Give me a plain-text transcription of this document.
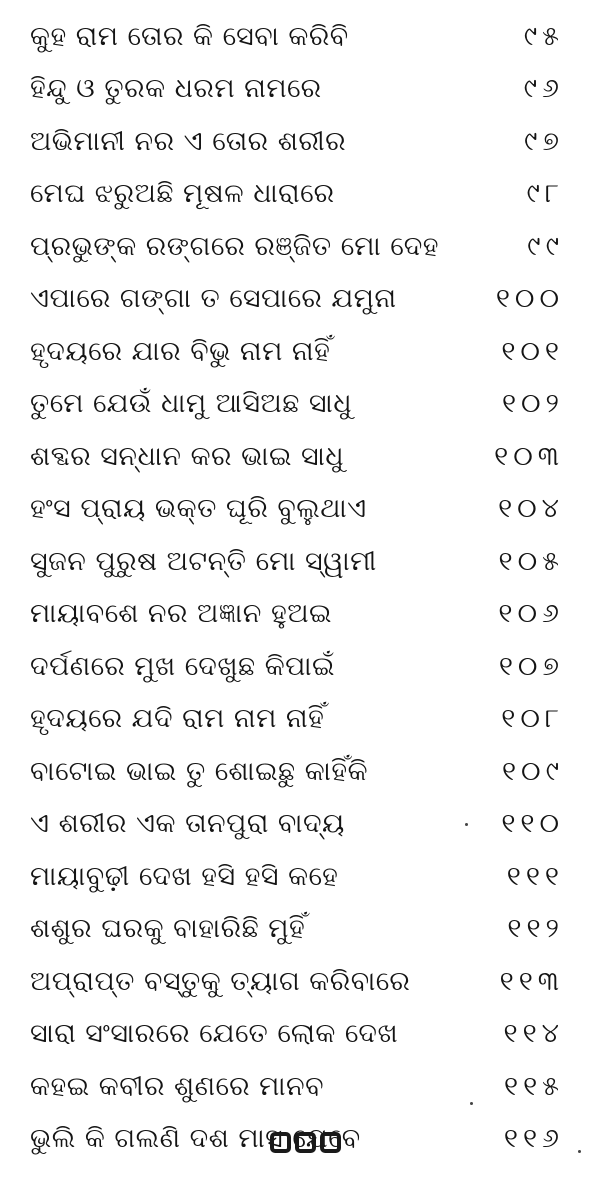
କୁହ ରାମ ତୋର କି ସେବା କରିବି	୯୫
ହିନ୍ଦୁ ଓ ତୁରକ ଧରମ ନାମରେ	୯୬
ଅଭିମାନୀ ନର ଏ ତୋର ଶରୀର	୯୭
ମେଘ ଝରୁଅଛି ମୂଷଳ ଧାରାରେ	୯୮
ପ୍ରଭୁଙ୍କ ରଙ୍ଗରେ ରଞ୍ଜିତ ମୋ ଦେହ	୯୯
ଏପାରେ ଗଙ୍ଗା ତ ସେପାରେ ଯମୁନା	୧୦୦
ହୃଦୟରେ ଯାର ବିଭୁ ନାମ ନାହିଁ	୧୦୧
ତୁମେ ଯେଉଁ ଧାମୁ ଆସିଅଛ ସାଧୁ	୧୦୨
ଶବ୍ଦର ସନ୍ଧାନ କର ଭାଇ ସାଧୁ	୧୦୩
ହଂସ ପ୍ରାୟ ଭକ୍ତ ଘୂରି ବୁଲୁଥାଏ	୧୦୪
ସୁଜନ ପୁରୁଷ ଅଟନ୍ତି ମୋ ସ୍ୱାମୀ	୧୦୫
ମାୟାବଶେ ନର ଅଜ୍ଞାନ ହୁଅଇ	୧୦୬
ଦର୍ପଣରେ ମୁଖ ଦେଖୁଛ କିପାଇଁ	୧୦୭
ହୃଦୟରେ ଯଦି ରାମ ନାମ ନାହିଁ	୧୦୮
ବାଟୋଇ ଭାଇ ତୁ ଶୋଇଛୁ କାହିଁକି	୧୦୯
ଏ ଶରୀର ଏକ ତାନପୁରା ବାଦ୍ୟ	୧୧୦
ମାୟାବୁଢ଼ୀ ଦେଖ ହସି ହସି କହେ	୧୧୧
ଶଶୁର ଘରକୁ ବାହାରିଛି ମୁହିଁ	୧୧୨
ଅପ୍ରାପ୍ତ ବସ୍ତୁକୁ ତ୍ୟାଗ କରିବାରେ	୧୧୩
ସାରା ସଂସାରରେ ଯେତେ ଲୋକ ଦେଖ	୧୧୪
କହଇ କବୀର ଶୁଣରେ ମାନବ	୧୧୫
ଭୁଲି କି ଗଲଣି ଦଶ ମାସ ଯେବେ	୧୧୬
